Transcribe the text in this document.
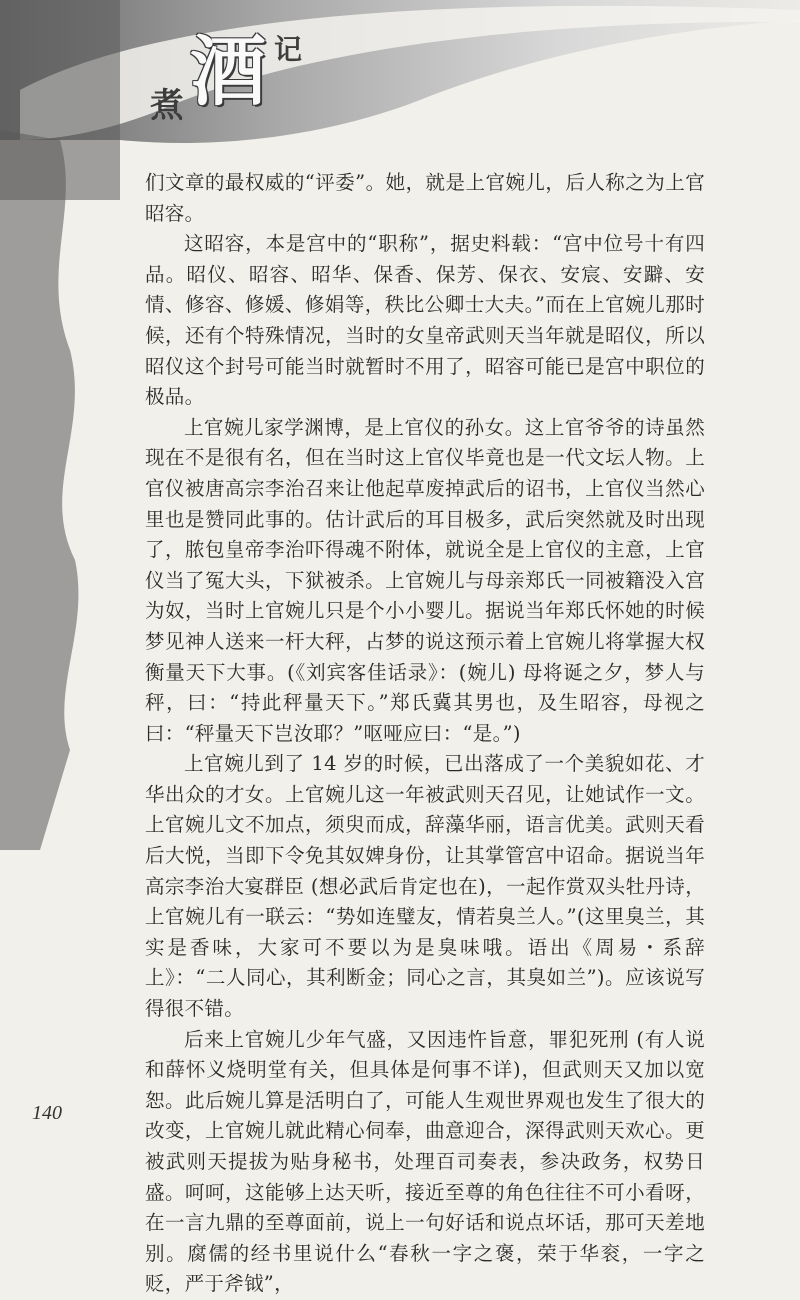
煮 酒 记

们文章的最权威的“评委”。她，就是上官婉儿，后人称之为上官昭容。

这昭容，本是宫中的“职称”，据史料载：“宫中位号十有四品。昭仪、昭容、昭华、保香、保芳、保衣、安宸、安躃、安情、修容、修媛、修娟等，秩比公卿士大夫。”而在上官婉儿那时候，还有个特殊情况，当时的女皇帝武则天当年就是昭仪，所以昭仪这个封号可能当时就暂时不用了，昭容可能已是宫中职位的极品。

上官婉儿家学渊博，是上官仪的孙女。这上官爷爷的诗虽然现在不是很有名，但在当时这上官仪毕竟也是一代文坛人物。上官仪被唐高宗李治召来让他起草废掉武后的诏书，上官仪当然心里也是赞同此事的。估计武后的耳目极多，武后突然就及时出现了，脓包皇帝李治吓得魂不附体，就说全是上官仪的主意，上官仪当了冤大头，下狱被杀。上官婉儿与母亲郑氏一同被籍没入宫为奴，当时上官婉儿只是个小小婴儿。据说当年郑氏怀她的时候梦见神人送来一杆大秤，占梦的说这预示着上官婉儿将掌握大权衡量天下大事。(《刘宾客佳话录》：(婉儿) 母将诞之夕，梦人与秤，曰：“持此秤量天下。”郑氏冀其男也，及生昭容，母视之曰：“秤量天下岂汝耶？”呕哑应曰：“是。”)

上官婉儿到了 14 岁的时候，已出落成了一个美貌如花、才华出众的才女。上官婉儿这一年被武则天召见，让她试作一文。上官婉儿文不加点，须臾而成，辞藻华丽，语言优美。武则天看后大悦，当即下令免其奴婢身份，让其掌管宫中诏命。据说当年高宗李治大宴群臣 (想必武后肯定也在)，一起作赏双头牡丹诗，上官婉儿有一联云：“势如连璧友，情若臭兰人。”(这里臭兰，其实是香味，大家可不要以为是臭味哦。语出《周易・系辞上》：“二人同心，其利断金；同心之言，其臭如兰”)。应该说写得很不错。

后来上官婉儿少年气盛，又因违忤旨意，罪犯死刑 (有人说和薛怀义烧明堂有关，但具体是何事不详)，但武则天又加以宽恕。此后婉儿算是活明白了，可能人生观世界观也发生了很大的改变，上官婉儿就此精心伺奉，曲意迎合，深得武则天欢心。更被武则天提拔为贴身秘书，处理百司奏表，参决政务，权势日盛。呵呵，这能够上达天听，接近至尊的角色往往不可小看呀，在一言九鼎的至尊面前，说上一句好话和说点坏话，那可天差地别。腐儒的经书里说什么“春秋一字之褒，荣于华衮，一字之贬，严于斧钺”，

140
